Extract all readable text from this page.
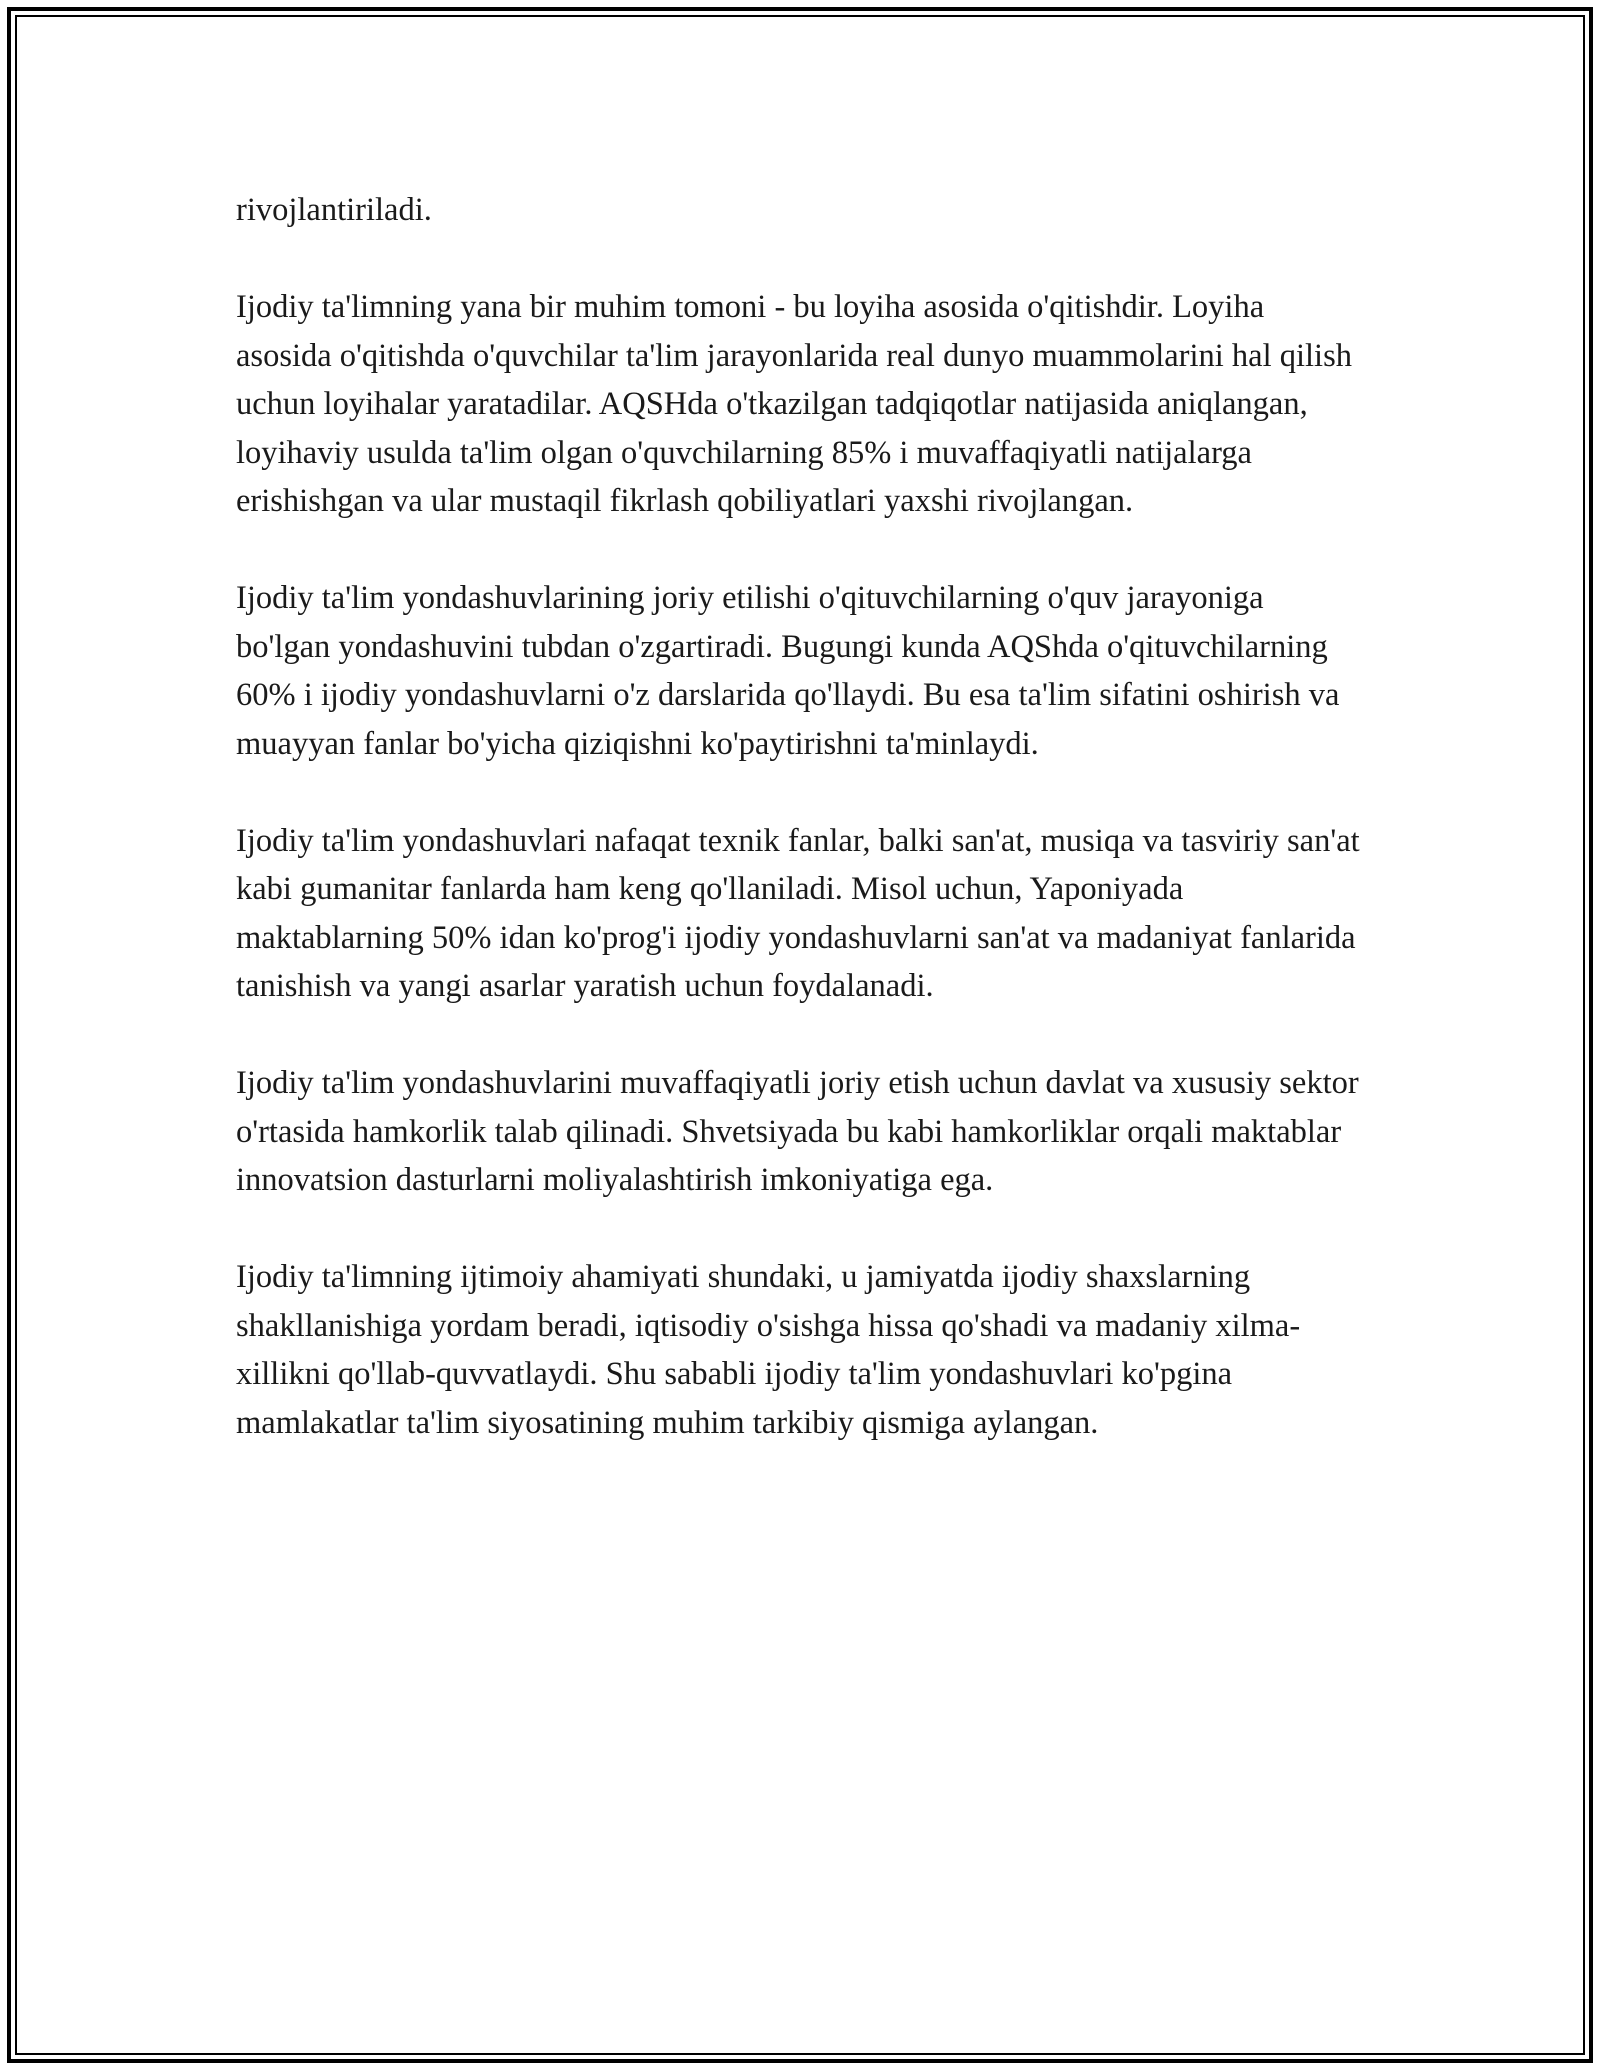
rivojlantiriladi.

Ijodiy ta'limning yana bir muhim tomoni - bu loyiha asosida o'qitishdir. Loyiha asosida o'qitishda o'quvchilar ta'lim jarayonlarida real dunyo muammolarini hal qilish uchun loyihalar yaratadilar. AQSHda o'tkazilgan tadqiqotlar natijasida aniqlangan, loyihaviy usulda ta'lim olgan o'quvchilarning 85% i muvaffaqiyatli natijalarga erishishgan va ular mustaqil fikrlash qobiliyatlari yaxshi rivojlangan.

Ijodiy ta'lim yondashuvlarining joriy etilishi o'qituvchilarning o'quv jarayoniga bo'lgan yondashuvini tubdan o'zgartiradi. Bugungi kunda AQShda o'qituvchilarning 60% i ijodiy yondashuvlarni o'z darslarida qo'llaydi. Bu esa ta'lim sifatini oshirish va muayyan fanlar bo'yicha qiziqishni ko'paytirishni ta'minlaydi.

Ijodiy ta'lim yondashuvlari nafaqat texnik fanlar, balki san'at, musiqa va tasviriy san'at kabi gumanitar fanlarda ham keng qo'llaniladi. Misol uchun, Yaponiyada maktablarning 50% idan ko'prog'i ijodiy yondashuvlarni san'at va madaniyat fanlarida tanishish va yangi asarlar yaratish uchun foydalanadi.

Ijodiy ta'lim yondashuvlarini muvaffaqiyatli joriy etish uchun davlat va xususiy sektor o'rtasida hamkorlik talab qilinadi. Shvetsiyada bu kabi hamkorliklar orqali maktablar innovatsion dasturlarni moliyalashtirish imkoniyatiga ega.

Ijodiy ta'limning ijtimoiy ahamiyati shundaki, u jamiyatda ijodiy shaxslarning shakllanishiga yordam beradi, iqtisodiy o'sishga hissa qo'shadi va madaniy xilma-xillikni qo'llab-quvvatlaydi. Shu sababli ijodiy ta'lim yondashuvlari ko'pgina mamlakatlar ta'lim siyosatining muhim tarkibiy qismiga aylangan.
